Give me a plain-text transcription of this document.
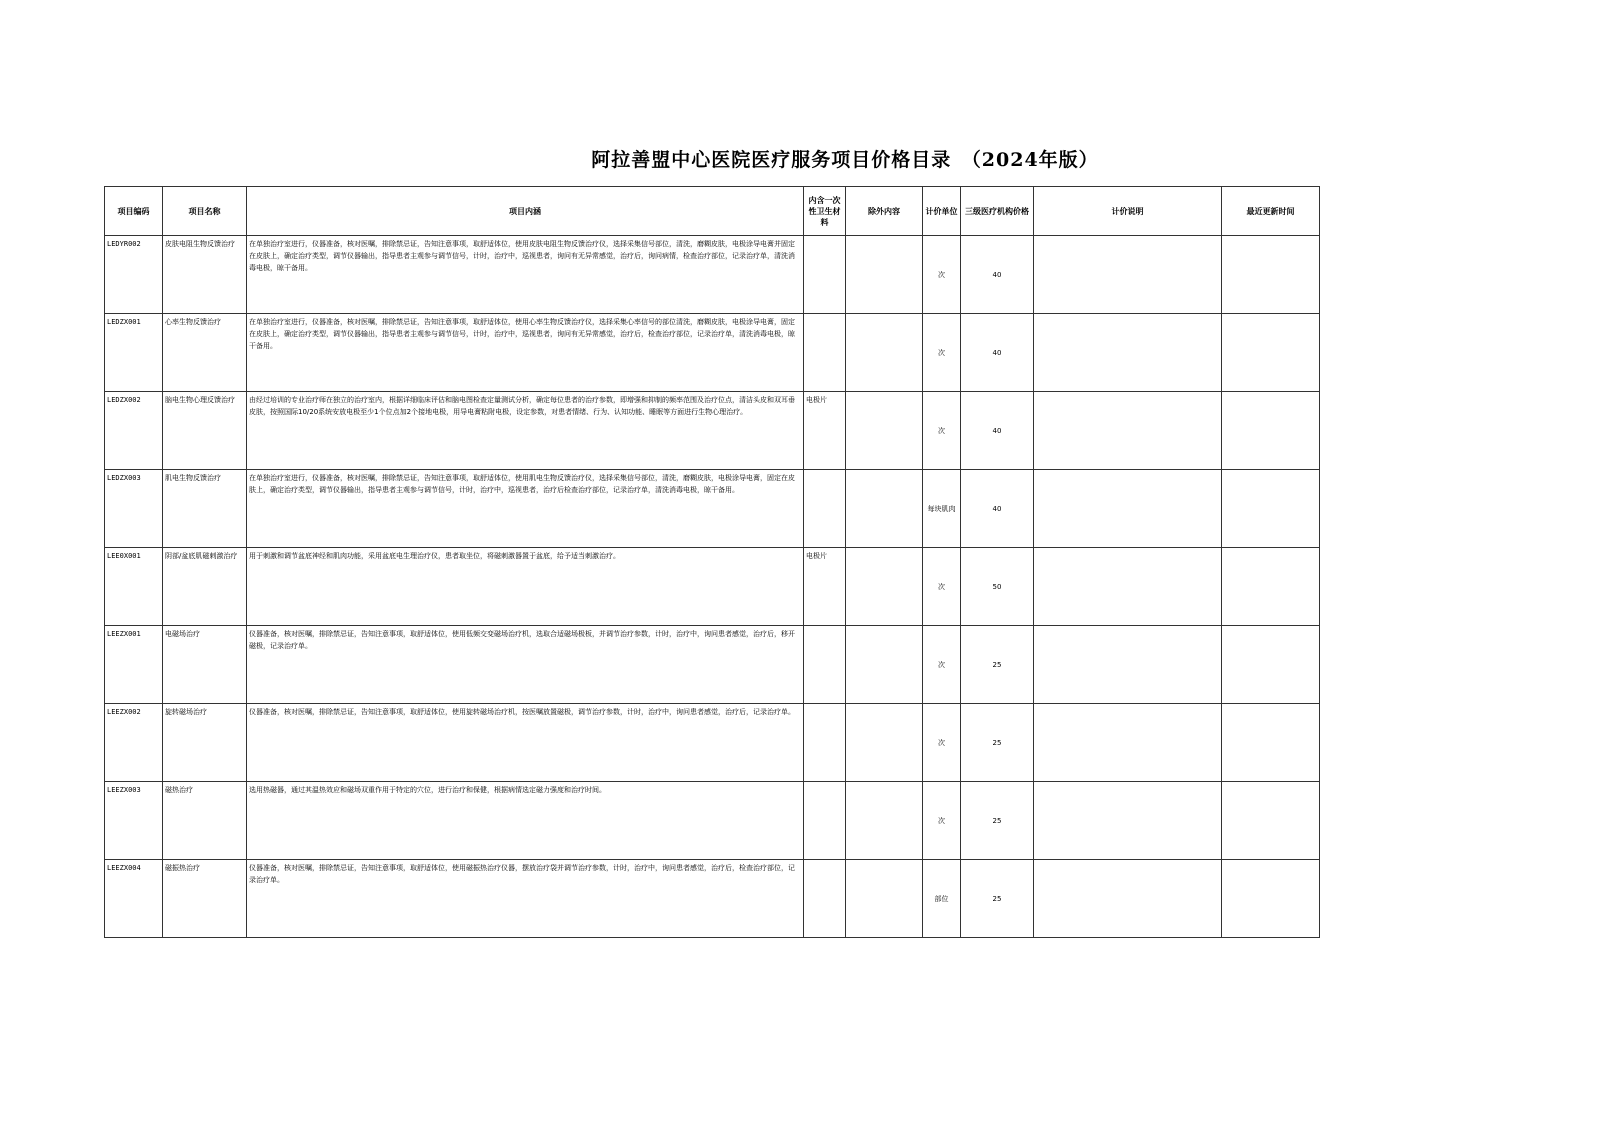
阿拉善盟中心医院医疗服务项目价格目录　（2024年版）
项目编码	项目名称	项目内涵	内含一次性卫生材料	除外内容	计价单位	三级医疗机构价格	计价说明	最近更新时间
LEDYR002	皮肤电阻生物反馈治疗	在单独治疗室进行，仪器准备，核对医嘱，排除禁忌证，告知注意事项，取舒适体位，使用皮肤电阻生物反馈治疗仪，选择采集信号部位，清洗，磨糊皮肤，电极涂导电膏并固定在皮肤上，确定治疗类型，调节仪器输出，指导患者主观参与调节信号，计时，治疗中，巡视患者，询问有无异常感觉，治疗后，询问病情，检查治疗部位，记录治疗单，清洗消毒电极，晾干备用。			次	40		
LEDZX001	心率生物反馈治疗	在单独治疗室进行，仪器准备，核对医嘱，排除禁忌证，告知注意事项，取舒适体位，使用心率生物反馈治疗仪，选择采集心率信号的部位清洗，磨糊皮肤，电极涂导电膏，固定在皮肤上，确定治疗类型，调节仪器输出，指导患者主观参与调节信号，计时，治疗中，巡视患者，询问有无异常感觉，治疗后，检查治疗部位，记录治疗单，清洗消毒电极，晾干备用。			次	40		
LEDZX002	脑电生物心理反馈治疗	由经过培训的专业治疗师在独立的治疗室内，根据详细临床评估和脑电图检查定量测试分析，确定每位患者的治疗参数，即增强和抑制的频率范围及治疗位点，清洁头皮和双耳垂皮肤，按照国际10/20系统安放电极至少1个位点加2个接地电极，用导电膏粘附电极，设定参数，对患者情绪、行为、认知功能、睡眠等方面进行生物心理治疗。	电极片		次	40		
LEDZX003	肌电生物反馈治疗	在单独治疗室进行，仪器准备，核对医嘱，排除禁忌证，告知注意事项，取舒适体位，使用肌电生物反馈治疗仪，选择采集信号部位，清洗，磨糊皮肤，电极涂导电膏，固定在皮肤上，确定治疗类型，调节仪器输出，指导患者主观参与调节信号，计时，治疗中，巡视患者，治疗后检查治疗部位，记录治疗单，清洗消毒电极，晾干备用。			每块肌肉	40		
LEE0X001	阴部/盆底肌磁刺激治疗	用于刺激和调节盆底神经和肌肉功能，采用盆底电生理治疗仪，患者取坐位，将磁刺激器置于盆底，给予适当刺激治疗。	电极片		次	50		
LEEZX001	电磁场治疗	仪器准备，核对医嘱，排除禁忌证，告知注意事项，取舒适体位，使用低频交变磁场治疗机，选取合适磁场极板，并调节治疗参数，计时，治疗中，询问患者感觉，治疗后，移开磁极，记录治疗单。			次	25		
LEEZX002	旋转磁场治疗	仪器准备，核对医嘱，排除禁忌证，告知注意事项，取舒适体位，使用旋转磁场治疗机，按医嘱放置磁极，调节治疗参数，计时，治疗中，询问患者感觉，治疗后，记录治疗单。			次	25		
LEEZX003	磁热治疗	选用热磁器，通过其温热效应和磁场双重作用于特定的穴位，进行治疗和保健，根据病情选定磁力强度和治疗时间。			次	25		
LEEZX004	磁振热治疗	仪器准备，核对医嘱，排除禁忌证，告知注意事项，取舒适体位，使用磁振热治疗仪器，摆放治疗袋并调节治疗参数，计时，治疗中，询问患者感觉，治疗后，检查治疗部位，记录治疗单。			部位	25		
